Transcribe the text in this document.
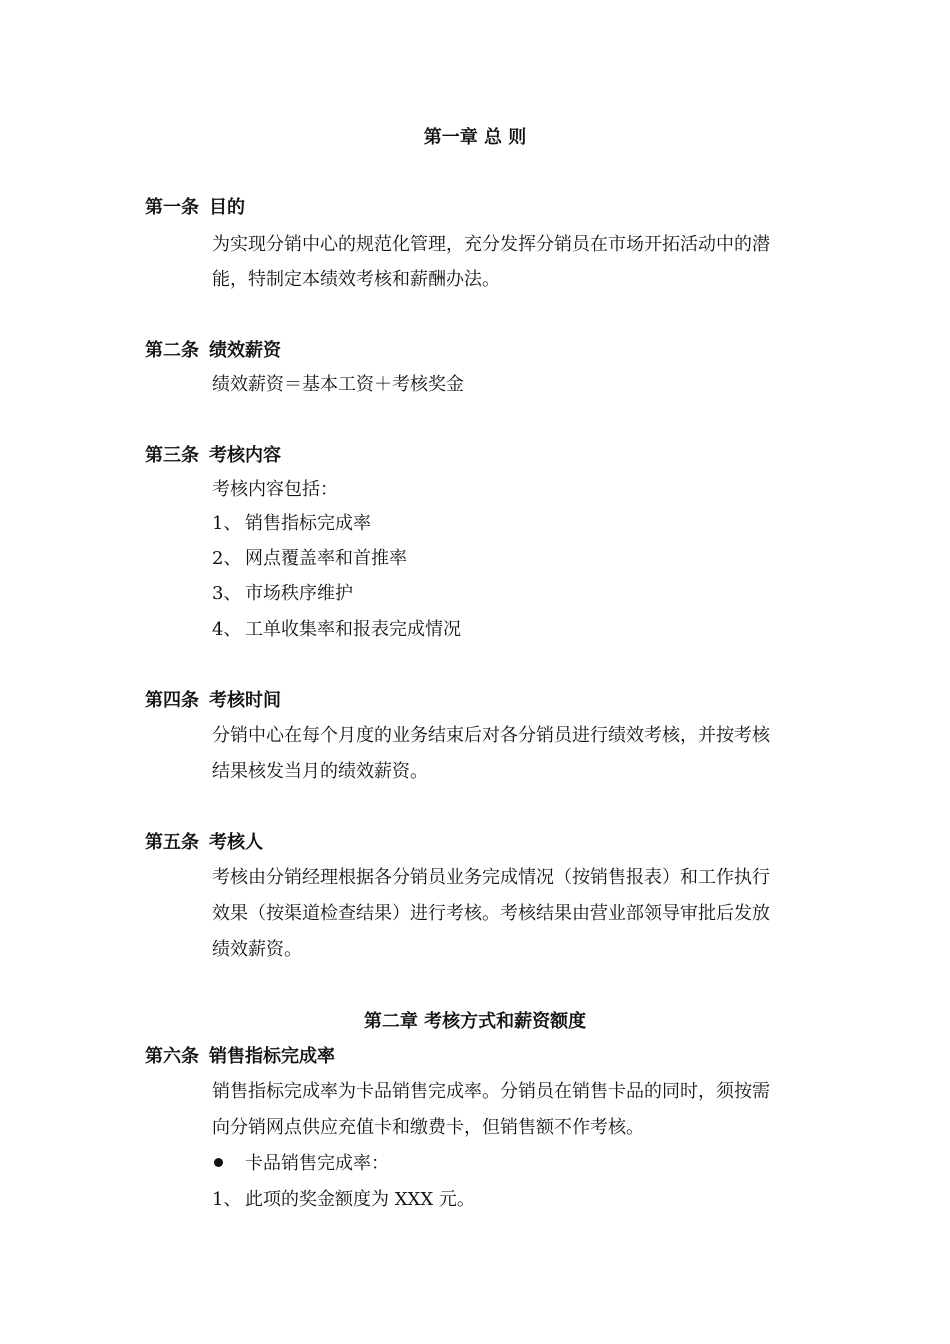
第一章 总 则
第一条 目的
为实现分销中心的规范化管理，充分发挥分销员在市场开拓活动中的潜
能，特制定本绩效考核和薪酬办法。
第二条 绩效薪资
绩效薪资＝基本工资＋考核奖金
第三条 考核内容
考核内容包括：
1、 销售指标完成率
2、 网点覆盖率和首推率
3、 市场秩序维护
4、 工单收集率和报表完成情况
第四条 考核时间
分销中心在每个月度的业务结束后对各分销员进行绩效考核，并按考核
结果核发当月的绩效薪资。
第五条 考核人
考核由分销经理根据各分销员业务完成情况（按销售报表）和工作执行
效果（按渠道检查结果）进行考核。考核结果由营业部领导审批后发放
绩效薪资。
第二章 考核方式和薪资额度
第六条 销售指标完成率
销售指标完成率为卡品销售完成率。分销员在销售卡品的同时，须按需
向分销网点供应充值卡和缴费卡，但销售额不作考核。
卡品销售完成率：
1、 此项的奖金额度为 XXX 元。
